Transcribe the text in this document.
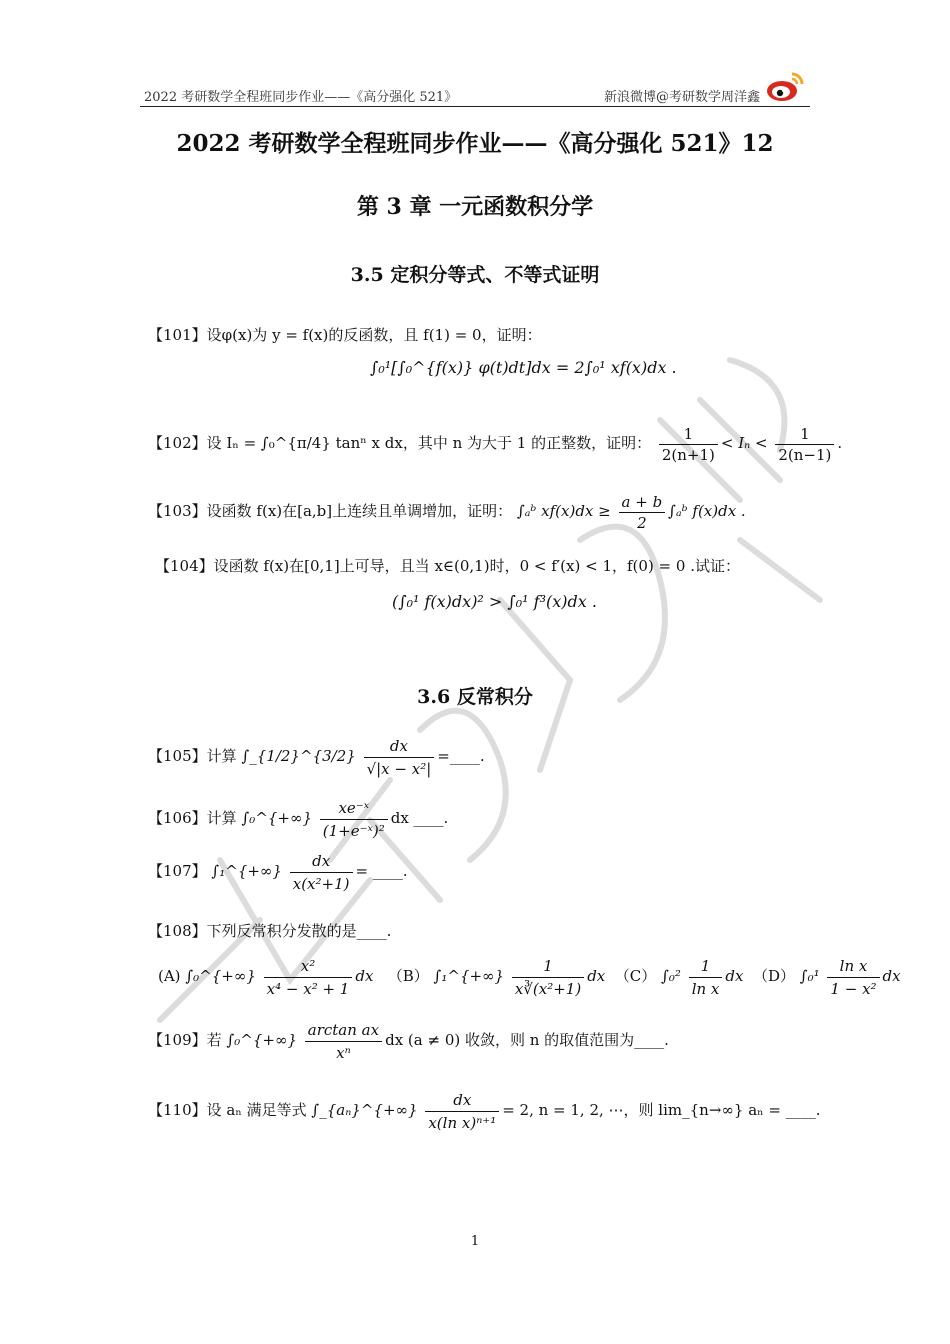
2022 考研数学全程班同步作业——《高分强化 521》	新浪微博@考研数学周洋鑫
2022 考研数学全程班同步作业——《高分强化 521》12
第 3 章 一元函数积分学
3.5 定积分等式、不等式证明
【101】设φ(x)为 y = f(x)的反函数，且 f(1) = 0，证明：
∫₀¹[∫₀^{f(x)} φ(t)dt]dx = 2∫₀¹ xf(x)dx .
【102】设 Iₙ = ∫₀^{π/4} tanⁿ x dx，其中 n 为大于 1 的正整数，证明： $\frac{1}{2(n+1)} < I_n < \frac{1}{2(n-1)}$ .
【103】设函数 f(x)在[a,b]上连续且单调增加，证明： ∫ₐᵇ $xf(x)dx \ge \frac{a + b}{2}$ ∫ₐᵇ f(x)dx .
【104】设函数 f(x)在[0,1]上可导，且当 x∈(0,1)时，0 < f′(x) < 1，f(0) = 0 .试证：
(∫₀¹ f(x)dx)² > ∫₀¹ f³(x)dx .
3.6 反常积分
【105】计算 ∫_{1/2}^{3/2} $\frac{dx}{\text{√|x − x²|}}$ =____.
【106】计算 ∫₀^{+∞} $\frac{\text{xe⁻ˣ}}{\text{(1+e⁻ˣ)²}}$ dx ____.
【107】 ∫₁^{+∞} $\frac{dx}{\text{x(x²+1)}}$ = ____.
【108】下列反常积分发散的是____.
(A) ∫₀^{+∞} $\frac{\text{x²}}{\text{x⁴ − x² + 1}}$ dx （B） ∫₁^{+∞} $\frac{1}{\text{x∛(x²+1)}}$ dx （C） $\int_0^2 \frac{1}{\text{ln x}}$ dx （D） $\int_0^1 \frac{\text{ln x}}{\text{1 − x²}}$ dx
【109】若 ∫₀^{+∞} $\frac{\text{arctan ax}}{\text{xⁿ}}$ dx (a ≠ 0) 收敛，则 n 的取值范围为____.
【110】设 aₙ 满足等式 ∫_{aₙ}^{+∞} $\frac{dx}{\text{x(ln x)ⁿ⁺¹}} = 2$, n = 1, 2, ⋯，则 lim_{n→∞} aₙ = ____.
1
